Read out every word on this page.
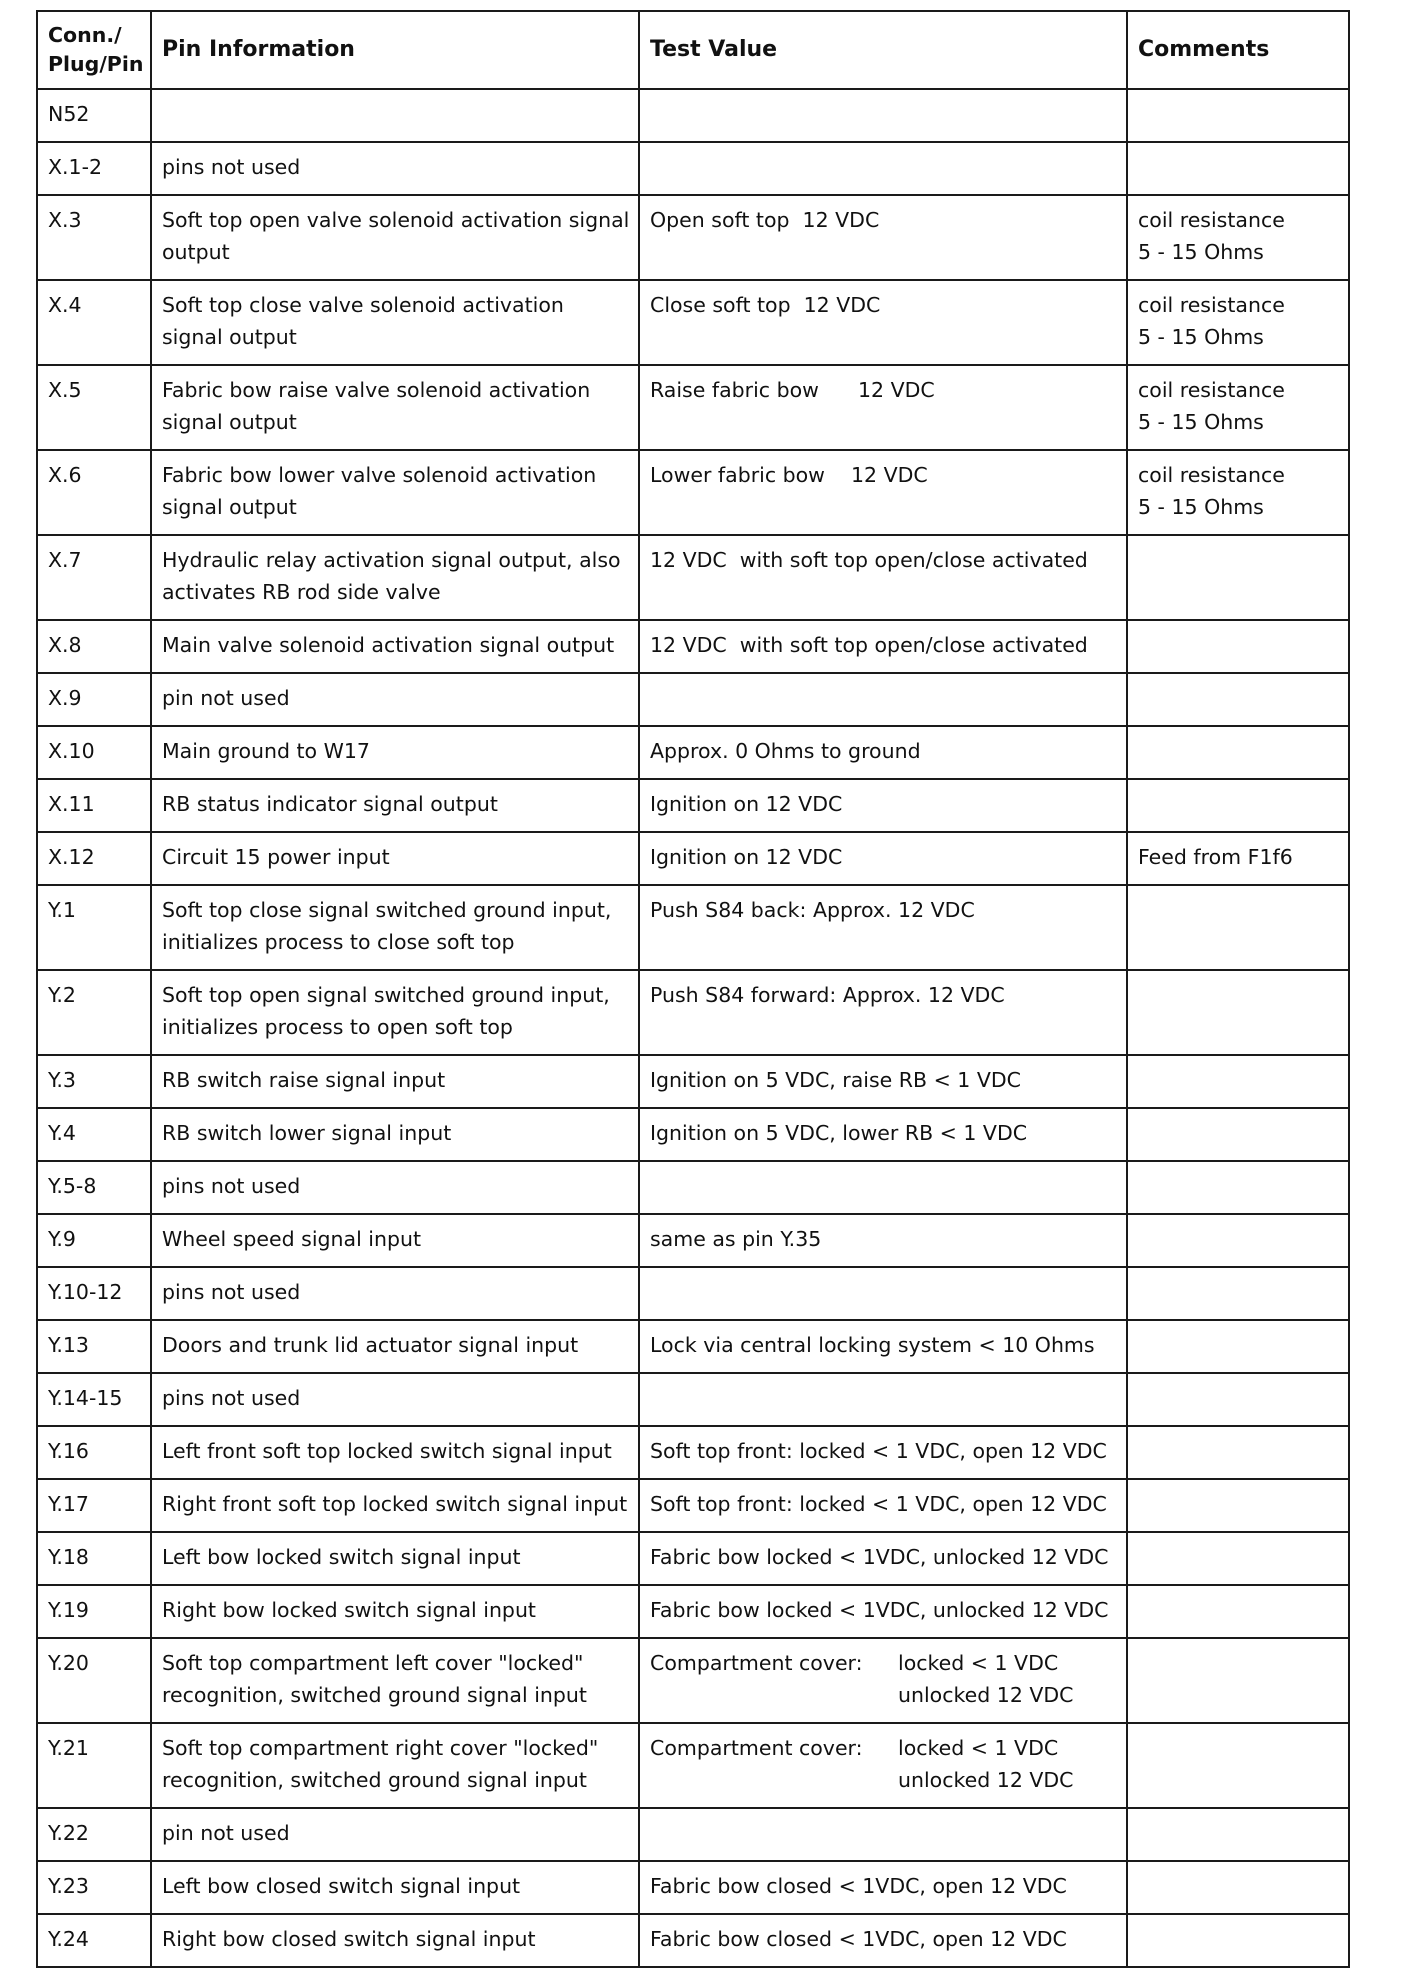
Conn./
Plug/Pin	Pin Information	Test Value	Comments
N52			
X.1-2	pins not used		
X.3	Soft top open valve solenoid activation signal output	Open soft top  12 VDC	coil resistance
5 - 15 Ohms

X.4	Soft top close valve solenoid activation signal output	Close soft top  12 VDC	coil resistance
5 - 15 Ohms

X.5	Fabric bow raise valve solenoid activation signal output	Raise fabric bow      12 VDC	coil resistance
5 - 15 Ohms

X.6	Fabric bow lower valve solenoid activation signal output	Lower fabric bow    12 VDC	coil resistance
5 - 15 Ohms

X.7	Hydraulic relay activation signal output, also activates RB rod side valve	12 VDC  with soft top open/close activated	
X.8	Main valve solenoid activation signal output	12 VDC  with soft top open/close activated	
X.9	pin not used		
X.10	Main ground to W17	Approx. 0 Ohms to ground	
X.11	RB status indicator signal output	Ignition on 12 VDC	
X.12	Circuit 15 power input	Ignition on 12 VDC	Feed from F1f6
Y.1	Soft top close signal switched ground input, initializes process to close soft top	Push S84 back: Approx. 12 VDC	
Y.2	Soft top open signal switched ground input, initializes process to open soft top	Push S84 forward: Approx. 12 VDC	
Y.3	RB switch raise signal input	Ignition on 5 VDC, raise RB < 1 VDC	
Y.4	RB switch lower signal input	Ignition on 5 VDC, lower RB < 1 VDC	
Y.5-8	pins not used		
Y.9	Wheel speed signal input	same as pin Y.35	
Y.10-12	pins not used		
Y.13	Doors and trunk lid actuator signal input	Lock via central locking system < 10 Ohms	
Y.14-15	pins not used		
Y.16	Left front soft top locked switch signal input	Soft top front: locked < 1 VDC, open 12 VDC	
Y.17	Right front soft top locked switch signal input	Soft top front: locked < 1 VDC, open 12 VDC	
Y.18	Left bow locked switch signal input	Fabric bow locked < 1VDC, unlocked 12 VDC	
Y.19	Right bow locked switch signal input	Fabric bow locked < 1VDC, unlocked 12 VDC	
Y.20	Soft top compartment left cover "locked" recognition, switched ground signal input	Compartment cover: locked < 1 VDC
unlocked 12 VDC	

Y.21	Soft top compartment right cover "locked" recognition, switched ground signal input	Compartment cover: locked < 1 VDC
unlocked 12 VDC	

Y.22	pin not used		
Y.23	Left bow closed switch signal input	Fabric bow closed < 1VDC, open 12 VDC	
Y.24	Right bow closed switch signal input	Fabric bow closed < 1VDC, open 12 VDC	
